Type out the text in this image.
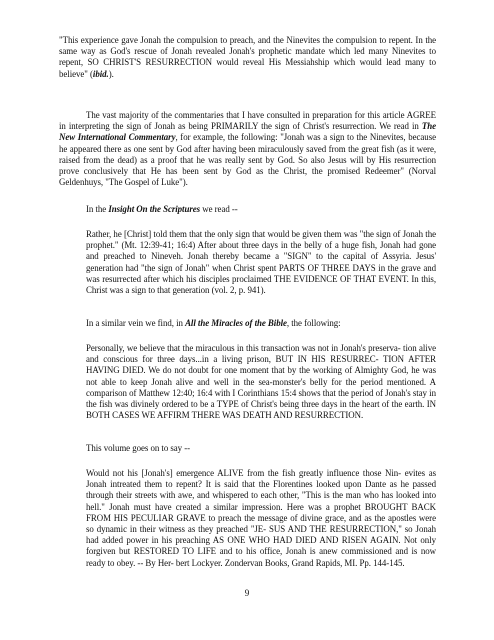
"This experience gave Jonah the compulsion to preach, and the Ninevites the compulsion to repent. In the same way as God's rescue of Jonah revealed Jonah's prophetic mandate which led many Ninevites to repent, SO CHRIST'S RESURRECTION would reveal His Messiahship which would lead many to believe" (ibid.).

The vast majority of the commentaries that I have consulted in preparation for this article AGREE in interpreting the sign of Jonah as being PRIMARILY the sign of Christ's resurrection. We read in The New International Commentary, for example, the following: "Jonah was a sign to the Ninevites, because he appeared there as one sent by God after having been miraculously saved from the great fish (as it were, raised from the dead) as a proof that he was really sent by God. So also Jesus will by His resurrection prove conclusively that He has been sent by God as the Christ, the promised Redeemer" (Norval Geldenhuys, "The Gospel of Luke").

In the Insight On the Scriptures we read --

Rather, he [Christ] told them that the only sign that would be given them was "the sign of Jonah the prophet." (Mt. 12:39-41; 16:4) After about three days in the belly of a huge fish, Jonah had gone and preached to Nineveh. Jonah thereby became a "SIGN" to the capital of Assyria. Jesus' generation had "the sign of Jonah" when Christ spent PARTS OF THREE DAYS in the grave and was resurrected after which his disciples proclaimed THE EVIDENCE OF THAT EVENT. In this, Christ was a sign to that generation (vol. 2, p. 941).

In a similar vein we find, in All the Miracles of the Bible, the following:

Personally, we believe that the miraculous in this transaction was not in Jonah's preserva- tion alive and conscious for three days...in a living prison, BUT IN HIS RESURREC- TION AFTER HAVING DIED. We do not doubt for one moment that by the working of Almighty God, he was not able to keep Jonah alive and well in the sea-monster's belly for the period mentioned. A comparison of Matthew 12:40; 16:4 with I Corinthians 15:4 shows that the period of Jonah's stay in the fish was divinely ordered to be a TYPE of Christ's being three days in the heart of the earth. IN BOTH CASES WE AFFIRM THERE WAS DEATH AND RESURRECTION.

This volume goes on to say --

Would not his [Jonah's] emergence ALIVE from the fish greatly influence those Nin- evites as Jonah intreated them to repent? It is said that the Florentines looked upon Dante as he passed through their streets with awe, and whispered to each other, "This is the man who has looked into hell." Jonah must have created a similar impression. Here was a prophet BROUGHT BACK FROM HIS PECULIAR GRAVE to preach the message of divine grace, and as the apostles were so dynamic in their witness as they preached "JE- SUS AND THE RESURRECTION," so Jonah had added power in his preaching AS ONE WHO HAD DIED AND RISEN AGAIN. Not only forgiven but RESTORED TO LIFE and to his office, Jonah is anew commissioned and is now ready to obey. -- By Her- bert Lockyer. Zondervan Books, Grand Rapids, MI. Pp. 144-145.

9
